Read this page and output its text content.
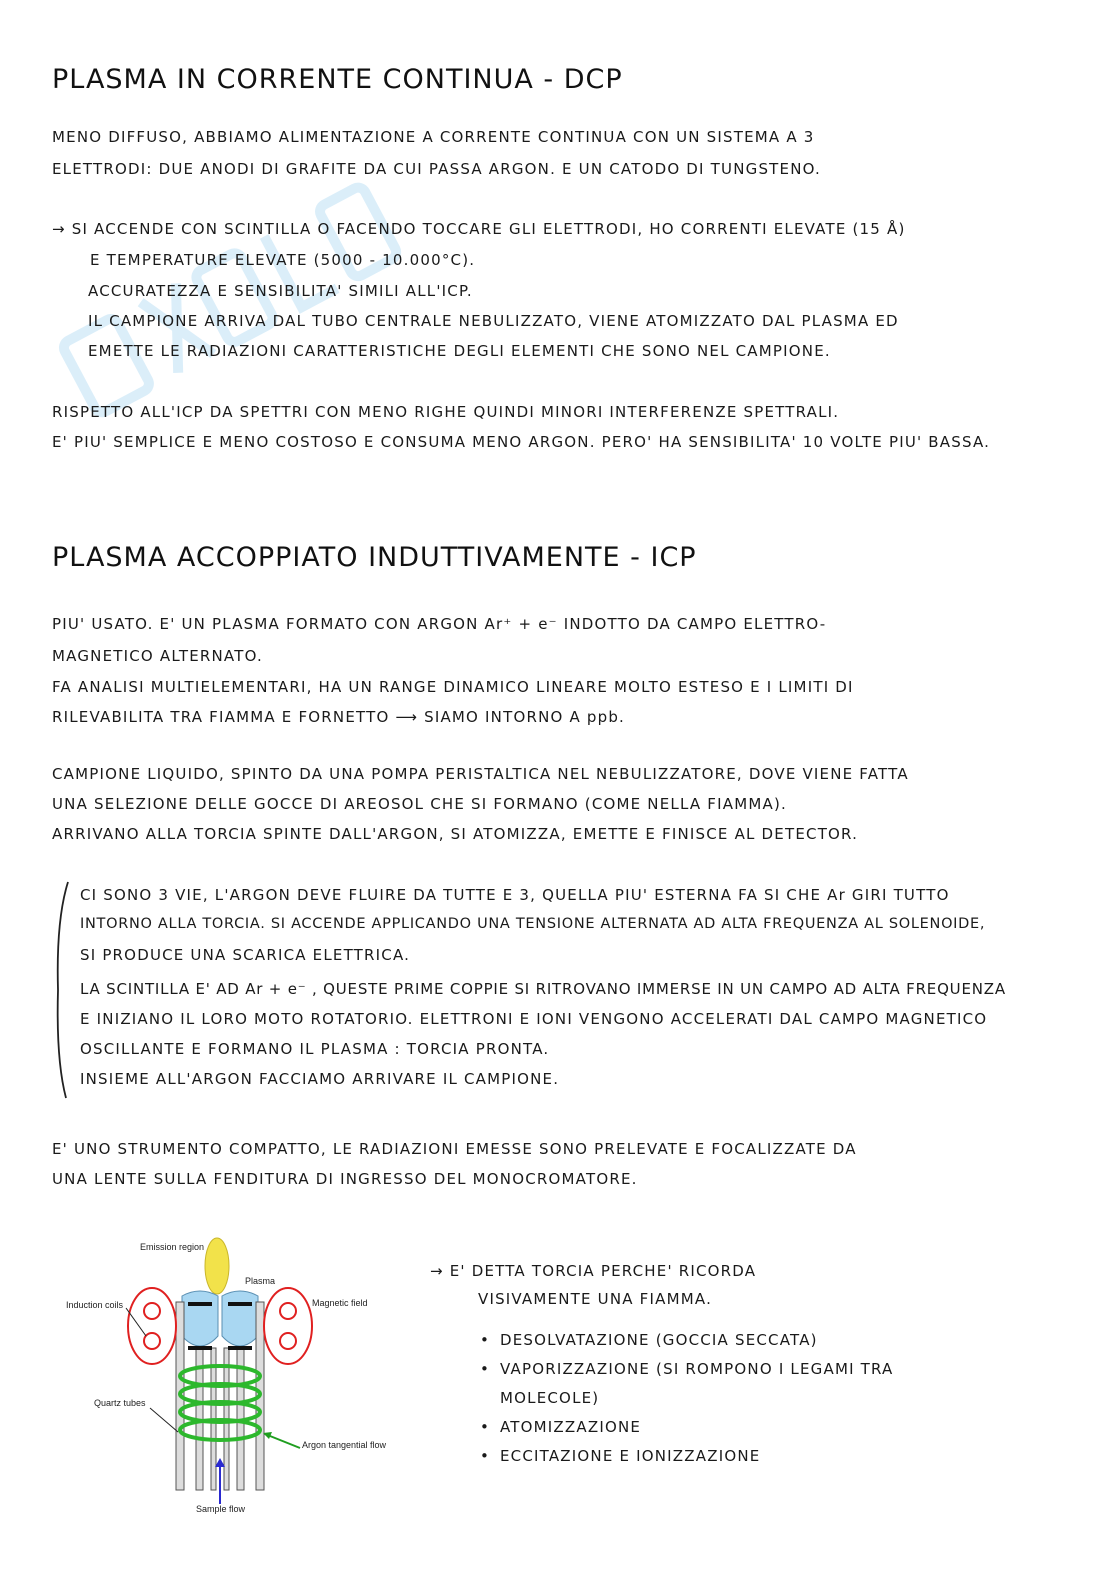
PLASMA IN CORRENTE CONTINUA - DCP

MENO DIFFUSO, ABBIAMO ALIMENTAZIONE A CORRENTE CONTINUA CON UN SISTEMA A 3

ELETTRODI: DUE ANODI DI GRAFITE DA CUI PASSA ARGON. E UN CATODO DI TUNGSTENO.

→ SI ACCENDE CON SCINTILLA O FACENDO TOCCARE GLI ELETTRODI, HO CORRENTI ELEVATE (15 Å)

E TEMPERATURE ELEVATE (5000 - 10.000°C).

ACCURATEZZA E SENSIBILITA' SIMILI ALL'ICP.

IL CAMPIONE ARRIVA DAL TUBO CENTRALE NEBULIZZATO, VIENE ATOMIZZATO DAL PLASMA ED

EMETTE LE RADIAZIONI CARATTERISTICHE DEGLI ELEMENTI CHE SONO NEL CAMPIONE.

RISPETTO ALL'ICP DA SPETTRI CON MENO RIGHE QUINDI MINORI INTERFERENZE SPETTRALI.

E' PIU' SEMPLICE E MENO COSTOSO E CONSUMA MENO ARGON. PERO' HA SENSIBILITA' 10 VOLTE PIU' BASSA.

PLASMA ACCOPPIATO INDUTTIVAMENTE - ICP

PIU' USATO. E' UN PLASMA FORMATO CON ARGON Ar⁺ + e⁻ INDOTTO DA CAMPO ELETTRO-

MAGNETICO ALTERNATO.

FA ANALISI MULTIELEMENTARI, HA UN RANGE DINAMICO LINEARE MOLTO ESTESO E I LIMITI DI

RILEVABILITA TRA FIAMMA E FORNETTO ⟶ SIAMO INTORNO A ppb.

CAMPIONE LIQUIDO, SPINTO DA UNA POMPA PERISTALTICA NEL NEBULIZZATORE, DOVE VIENE FATTA

UNA SELEZIONE DELLE GOCCE DI AREOSOL CHE SI FORMANO (COME NELLA FIAMMA).

ARRIVANO ALLA TORCIA SPINTE DALL'ARGON, SI ATOMIZZA, EMETTE E FINISCE AL DETECTOR.

CI SONO 3 VIE, L'ARGON DEVE FLUIRE DA TUTTE E 3, QUELLA PIU' ESTERNA FA SI CHE Ar GIRI TUTTO

INTORNO ALLA TORCIA. SI ACCENDE APPLICANDO UNA TENSIONE ALTERNATA AD ALTA FREQUENZA AL SOLENOIDE,

SI PRODUCE UNA SCARICA ELETTRICA.

LA SCINTILLA E' AD Ar + e⁻ , QUESTE PRIME COPPIE SI RITROVANO IMMERSE IN UN CAMPO AD ALTA FREQUENZA

E INIZIANO IL LORO MOTO ROTATORIO. ELETTRONI E IONI VENGONO ACCELERATI DAL CAMPO MAGNETICO

OSCILLANTE E FORMANO IL PLASMA : TORCIA PRONTA.

INSIEME ALL'ARGON FACCIAMO ARRIVARE IL CAMPIONE.

E' UNO STRUMENTO COMPATTO, LE RADIAZIONI EMESSE SONO PRELEVATE E FOCALIZZATE DA

UNA LENTE SULLA FENDITURA DI INGRESSO DEL MONOCROMATORE.

Emission region
Plasma
Induction coils	Magnetic field
Quartz tubes
Argon tangential flow
Sample flow

→ E' DETTA TORCIA PERCHE' RICORDA

VISIVAMENTE UNA FIAMMA.

• DESOLVATAZIONE (GOCCIA SECCATA)
• VAPORIZZAZIONE (SI ROMPONO I LEGAMI TRA
MOLECOLE)
• ATOMIZZAZIONE
• ECCITAZIONE E IONIZZAZIONE
